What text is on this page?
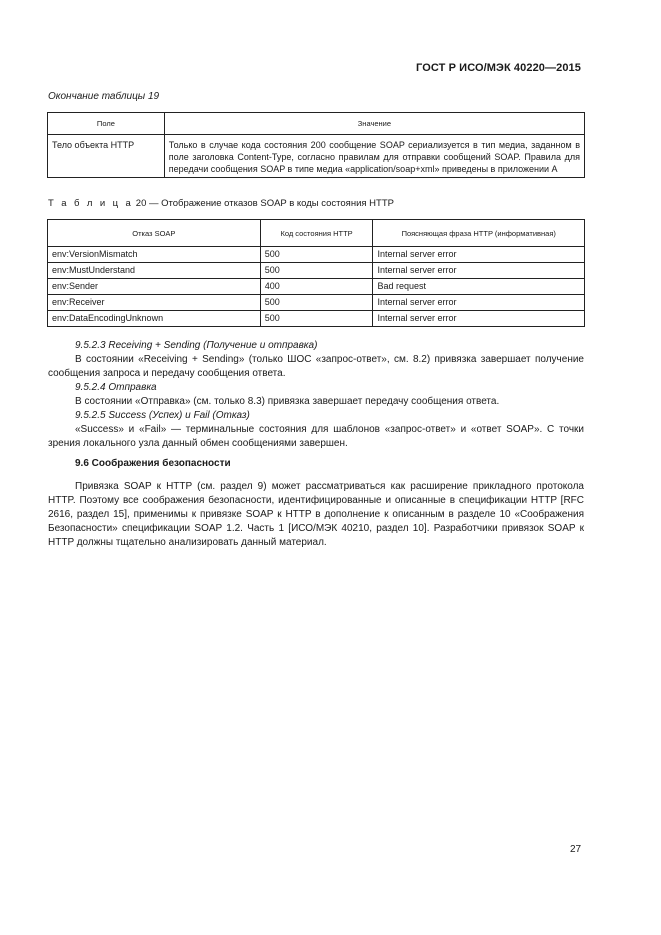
ГОСТ Р ИСО/МЭК 40220—2015
Окончание таблицы 19
Поле	Значение
Тело объекта HTTP	Только в случае кода состояния 200 сообщение SOAP сериализуется в тип медиа, заданном в поле заголовка Content-Type, согласно правилам для отправки сообщений SOAP. Правила для передачи сообщения SOAP в типе медиа «application/soap+xml» приведены в приложении А
Т а б л и ц а 20 — Отображение отказов SOAP в коды состояния HTTP
Отказ SOAP	Код состояния HTTP	Поясняющая фраза HTTP (информативная)
env:VersionMismatch	500	Internal server error
env:MustUnderstand	500	Internal server error
env:Sender	400	Bad request
env:Receiver	500	Internal server error
env:DataEncodingUnknown	500	Internal server error

9.5.2.3 Receiving + Sending (Получение и отправка)

В состоянии «Receiving + Sending» (только ШОС «запрос-ответ», см. 8.2) привязка завершает получение сообщения запроса и передачу сообщения ответа.

9.5.2.4 Отправка

В состоянии «Отправка» (см. только 8.3) привязка завершает передачу сообщения ответа.

9.5.2.5 Success (Успех) и Fail (Отказ)

«Success» и «Fail» — терминальные состояния для шаблонов «запрос-ответ» и «ответ SOAP». С точки зрения локального узла данный обмен сообщениями завершен.

9.6 Соображения безопасности

Привязка SOAP к HTTP (см. раздел 9) может рассматриваться как расширение прикладного протокола HTTP. Поэтому все соображения безопасности, идентифицированные и описанные в спецификации HTTP [RFC 2616, раздел 15], применимы к привязке SOAP к HTTP в дополнение к описанным в разделе 10 «Соображения Безопасности» спецификации SOAP 1.2. Часть 1 [ИСО/МЭК 40210, раздел 10]. Разработчики привязок SOAP к HTTP должны тщательно анализировать данный материал.

27
